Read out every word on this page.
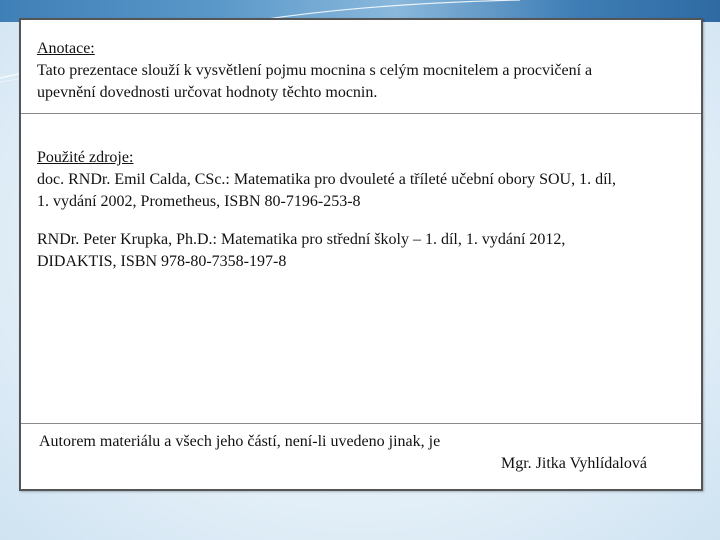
Anotace:
Tato prezentace slouží k vysvětlení pojmu mocnina s celým mocnitelem a procvičení a
upevnění dovednosti určovat hodnoty těchto mocnin.
Použité zdroje:
doc. RNDr. Emil Calda, CSc.: Matematika pro dvouleté a tříleté učební obory SOU, 1. díl,
1. vydání 2002, Prometheus, ISBN 80-7196-253-8
RNDr. Peter Krupka, Ph.D.: Matematika pro střední školy – 1. díl, 1. vydání 2012,
DIDAKTIS, ISBN 978-80-7358-197-8
Autorem materiálu a všech jeho částí, není-li uvedeno jinak, je
Mgr. Jitka Vyhlídalová
